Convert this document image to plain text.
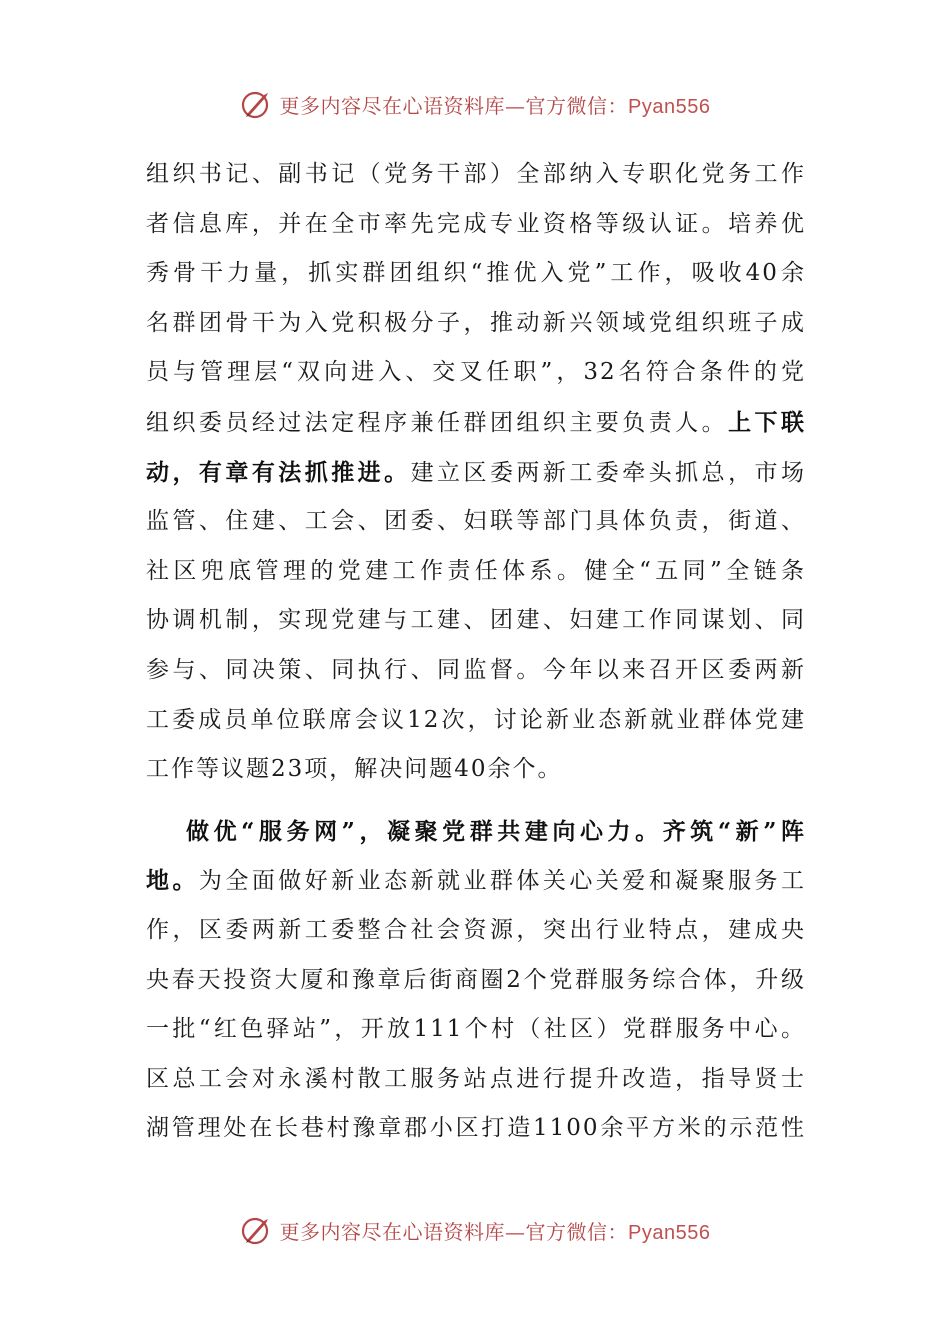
更多内容尽在心语资料库—官方微信：Pyan556
组织书记、副书记（党务干部）全部纳入专职化党务工作
者信息库，并在全市率先完成专业资格等级认证。培养优
秀骨干力量，抓实群团组织“推优入党”工作，吸收40余
名群团骨干为入党积极分子，推动新兴领域党组织班子成
员与管理层“双向进入、交叉任职”，32名符合条件的党
组织委员经过法定程序兼任群团组织主要负责人。上下联
动，有章有法抓推进。建立区委两新工委牵头抓总，市场
监管、住建、工会、团委、妇联等部门具体负责，街道、
社区兜底管理的党建工作责任体系。健全“五同”全链条
协调机制，实现党建与工建、团建、妇建工作同谋划、同
参与、同决策、同执行、同监督。今年以来召开区委两新
工委成员单位联席会议12次，讨论新业态新就业群体党建
工作等议题23项，解决问题40余个。
做优“服务网”，凝聚党群共建向心力。齐筑“新”阵
地。为全面做好新业态新就业群体关心关爱和凝聚服务工
作，区委两新工委整合社会资源，突出行业特点，建成央
央春天投资大厦和豫章后街商圈2个党群服务综合体，升级
一批“红色驿站”，开放111个村（社区）党群服务中心。
区总工会对永溪村散工服务站点进行提升改造，指导贤士
湖管理处在长巷村豫章郡小区打造1100余平方米的示范性
更多内容尽在心语资料库—官方微信：Pyan556
